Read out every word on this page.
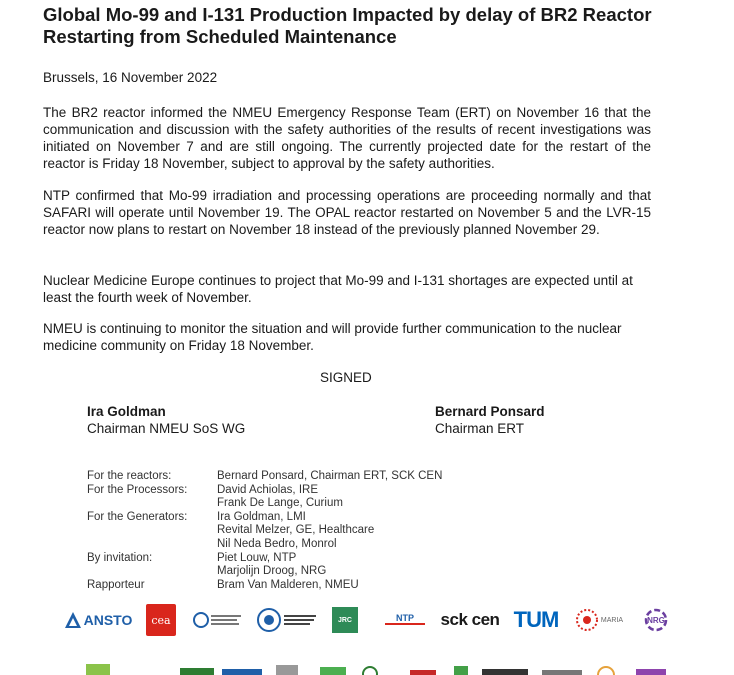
Global Mo-99 and I-131 Production Impacted by delay of BR2 Reactor
Restarting from Scheduled Maintenance
Brussels, 16 November 2022

The BR2 reactor informed the NMEU Emergency Response Team (ERT) on November 16 that the communication and discussion with the safety authorities of the results of recent investigations was initiated on November 7 and are still ongoing. The currently projected date for the restart of the reactor is Friday 18 November, subject to approval by the safety authorities.

NTP confirmed that Mo-99 irradiation and processing operations are proceeding normally and that SAFARI will operate until November 19. The OPAL reactor restarted on November 5 and the LVR-15 reactor now plans to restart on November 18 instead of the previously planned November 29.

Nuclear Medicine Europe continues to project that Mo-99 and I-131 shortages are expected until at least the fourth week of November.

NMEU is continuing to monitor the situation and will provide further communication to the nuclear medicine community on Friday 18 November.

SIGNED
Ira Goldman
Chairman NMEU SoS WG
Bernard Ponsard
Chairman ERT
For the reactors:	Bernard Ponsard, Chairman ERT, SCK CEN
For the Processors:	David Achiolas, IRE
Frank De Lange, Curium
For the Generators:	Ira Goldman, LMI
Revital Melzer, GE, Healthcare
Nil Neda Bedro, Monrol
By invitation:	Piet Louw, NTP
Marjolijn Droog, NRG
Rapporteur	Bram Van Malderen, NMEU
ANSTO cea	JRC	NTP sck cen TUM	MARIA	NRG
